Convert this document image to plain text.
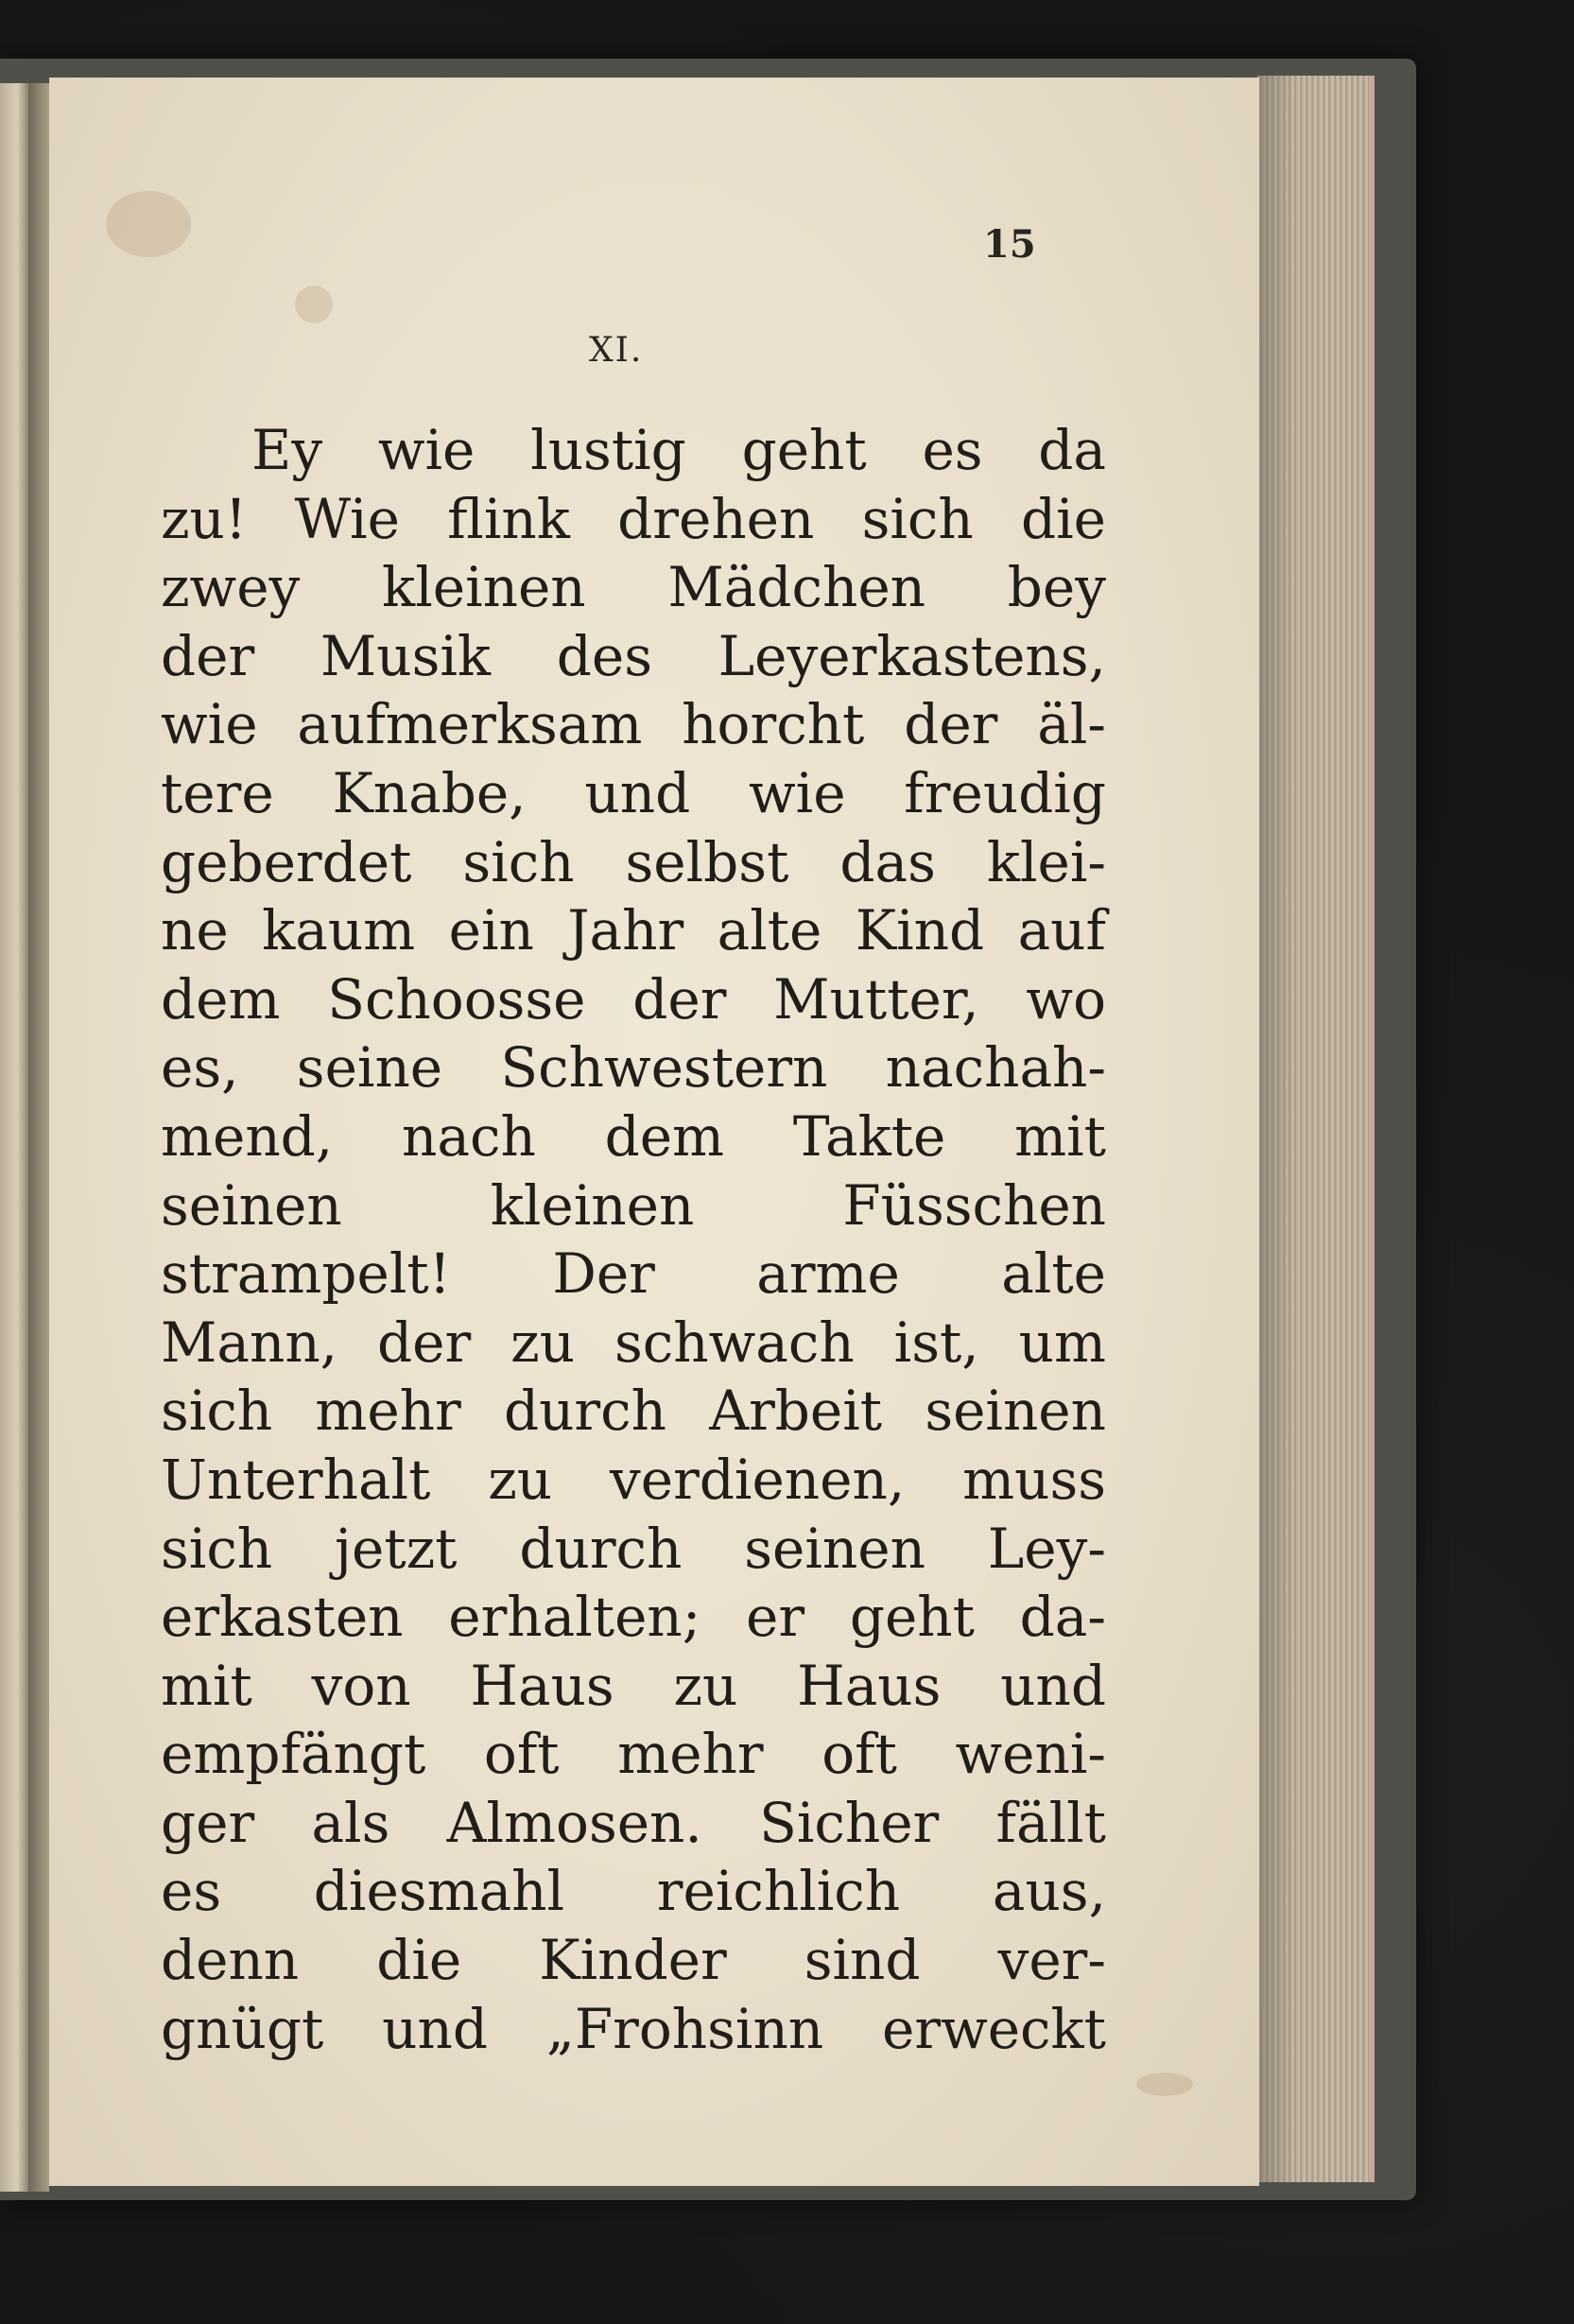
15
XI.
Ey wie lustig geht es da
zu! Wie flink drehen sich die
zwey kleinen Mädchen bey
der Musik des Leyerkastens,
wie aufmerksam horcht der äl-
tere Knabe, und wie freudig
geberdet sich selbst das klei-
ne kaum ein Jahr alte Kind auf
dem Schoosse der Mutter, wo
es, seine Schwestern nachah-
mend, nach dem Takte mit
seinen kleinen Füsschen
strampelt! Der arme alte
Mann, der zu schwach ist, um
sich mehr durch Arbeit seinen
Unterhalt zu verdienen, muss
sich jetzt durch seinen Ley-
erkasten erhalten; er geht da-
mit von Haus zu Haus und
empfängt oft mehr oft weni-
ger als Almosen. Sicher fällt
es diesmahl reichlich aus,
denn die Kinder sind ver-
gnügt und „Frohsinn erweckt
